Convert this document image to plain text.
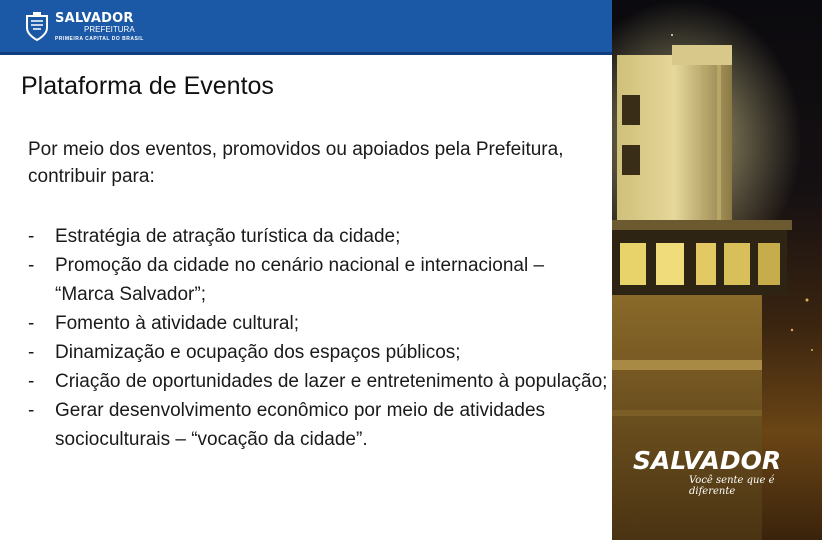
SALVADOR
PREFEITURA
PRIMEIRA CAPITAL DO BRASIL
Plataforma de Eventos

Por meio dos eventos, promovidos ou apoiados pela Prefeitura, contribuir para:

- Estratégia de atração turística da cidade;
- Promoção da cidade no cenário nacional e internacional – “Marca Salvador”;
- Fomento à atividade cultural;
- Dinamização e ocupação dos espaços públicos;
- Criação de oportunidades de lazer e entretenimento à população;
- Gerar desenvolvimento econômico por meio de atividades socioculturais – “vocação da cidade”.
SALVADOR
Você sente que é diferente
